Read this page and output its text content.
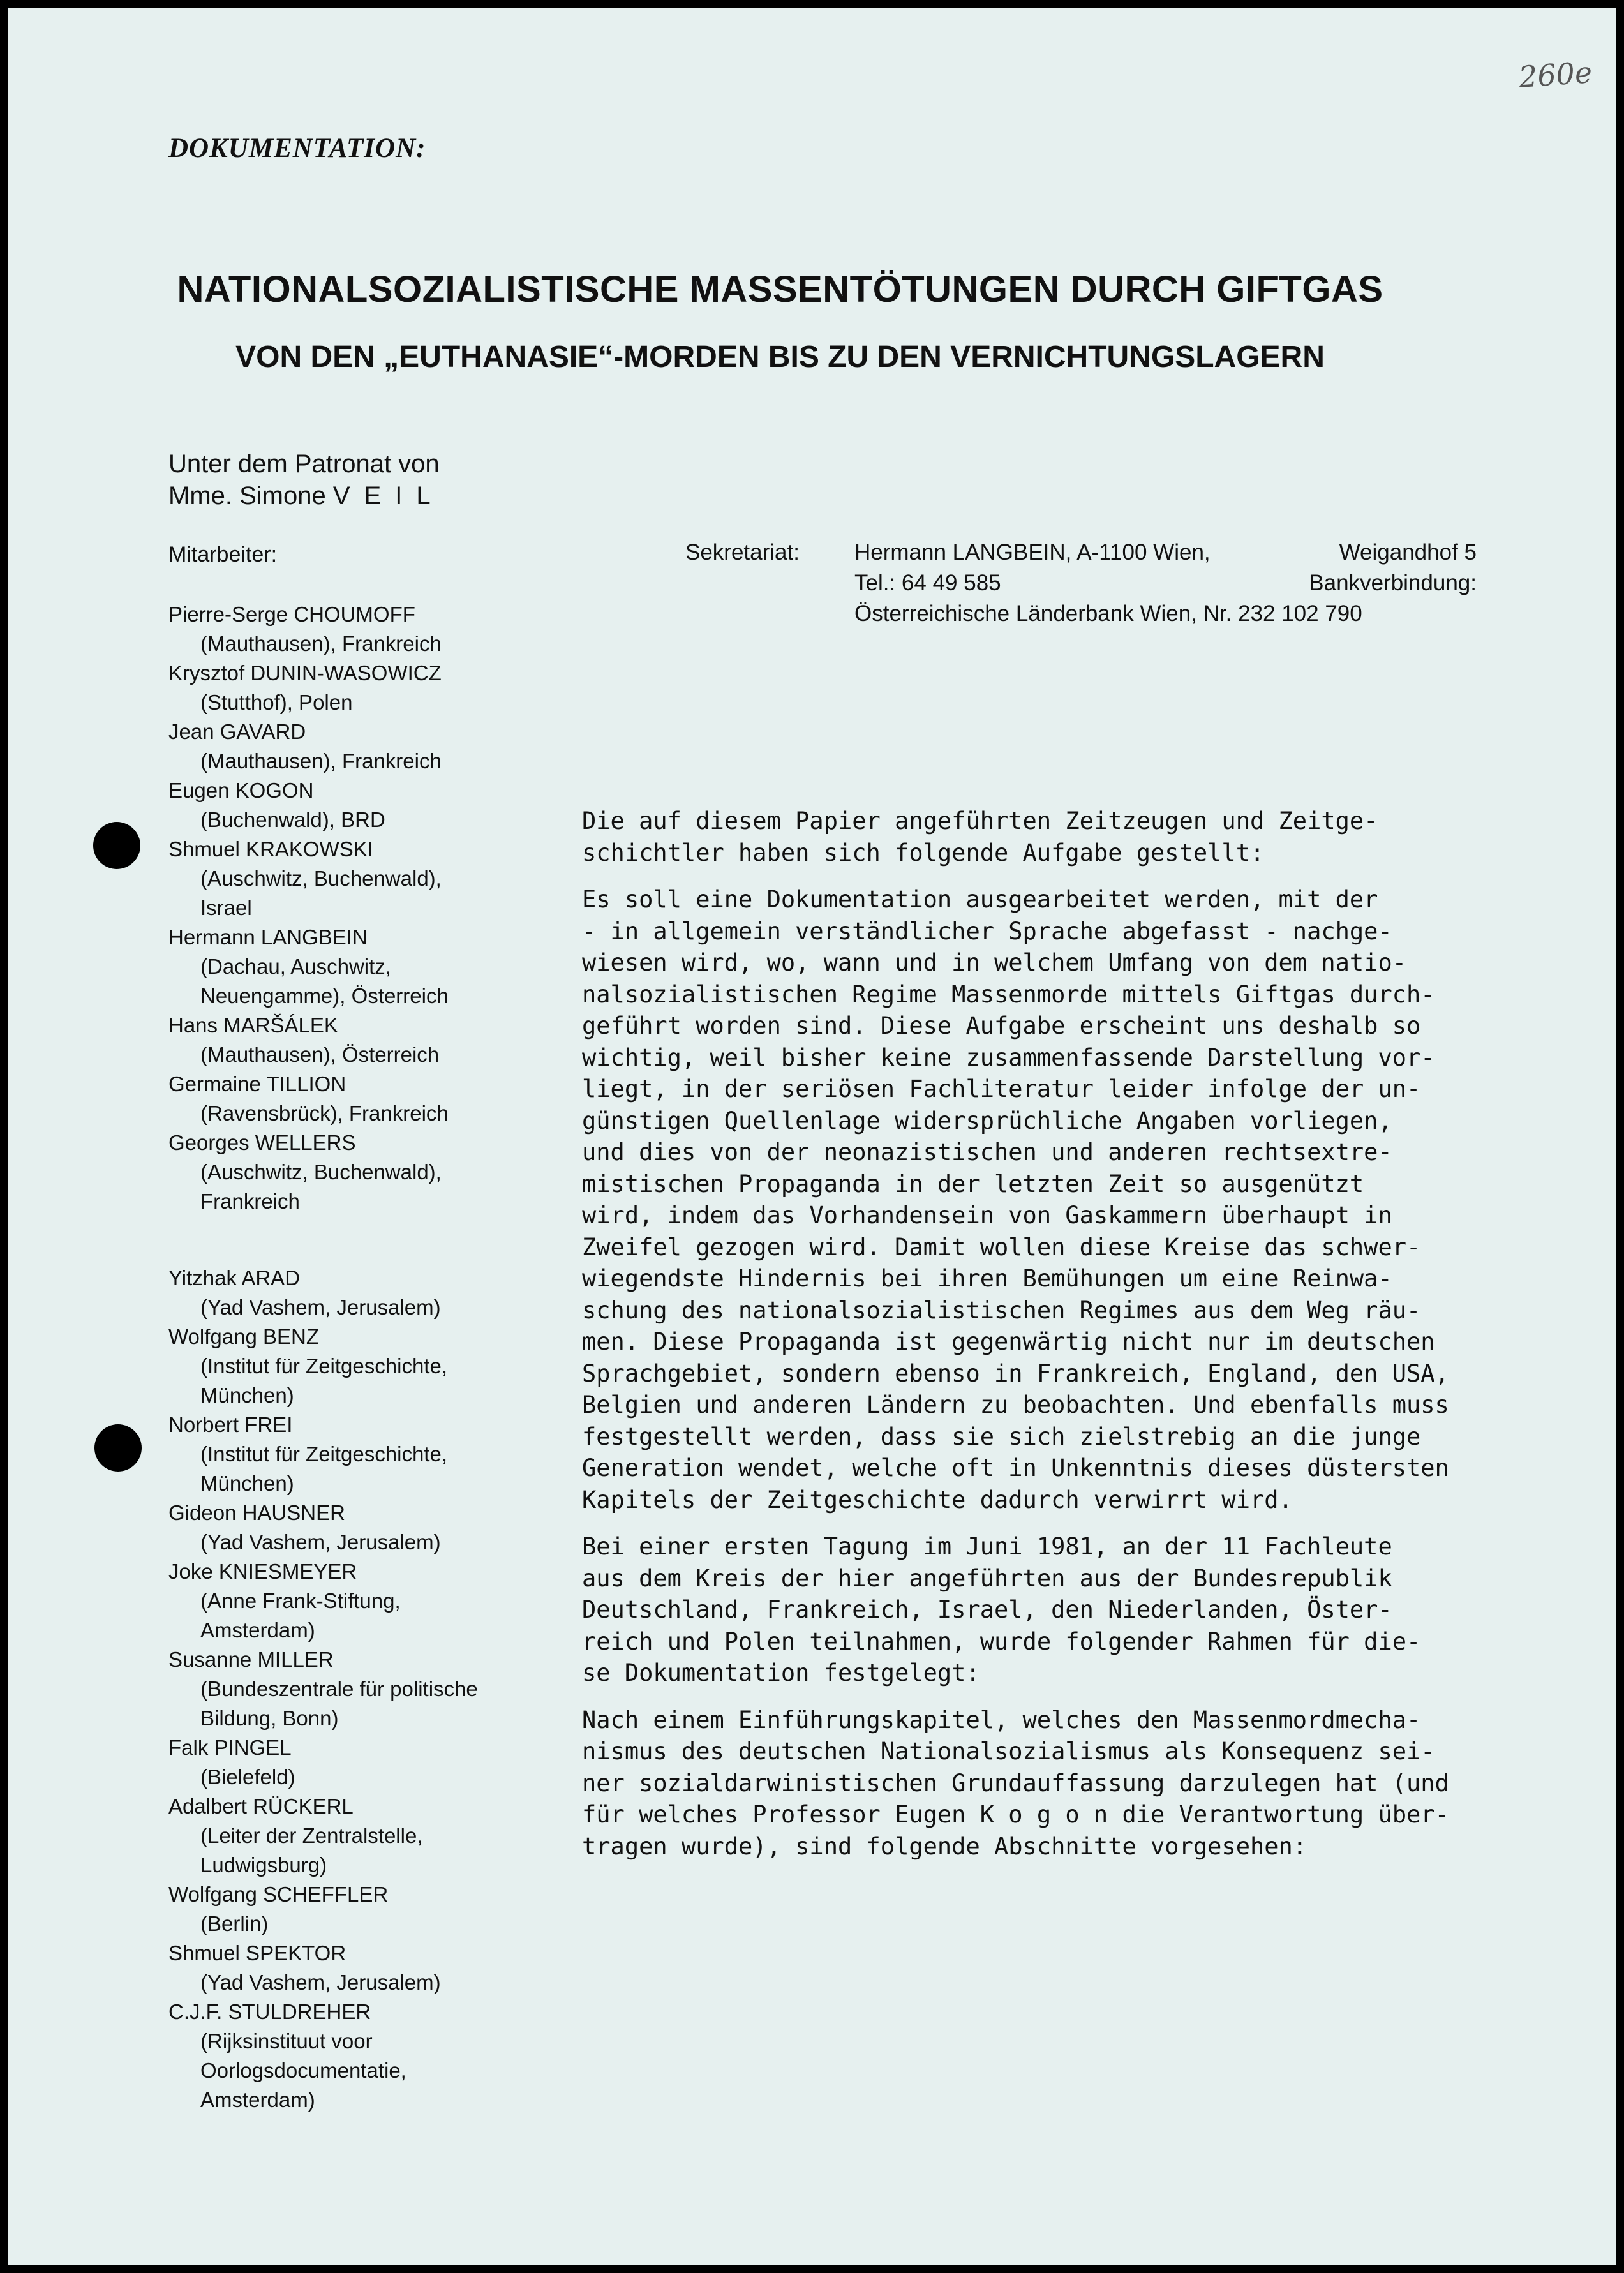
260e
DOKUMENTATION:
NATIONALSOZIALISTISCHE MASSENTÖTUNGEN DURCH GIFTGAS
VON DEN „EUTHANASIE“-MORDEN BIS ZU DEN VERNICHTUNGSLAGERN
Unter dem Patronat von
Mme. Simone VEIL
Mitarbeiter:	Sekretariat:	Hermann LANGBEIN, A-1100 Wien,	Weigandhof 5
Tel.: 64 49 585	Bankverbindung:
Österreichische Länderbank Wien, Nr. 232 102 790
Pierre-Serge CHOUMOFF
(Mauthausen), Frankreich
Krysztof DUNIN-WASOWICZ
(Stutthof), Polen
Jean GAVARD
(Mauthausen), Frankreich
Eugen KOGON
(Buchenwald), BRD
Shmuel KRAKOWSKI
(Auschwitz, Buchenwald),
Israel
Hermann LANGBEIN
(Dachau, Auschwitz,
Neuengamme), Österreich
Hans MARŠÁLEK
(Mauthausen), Österreich
Germaine TILLION
(Ravensbrück), Frankreich
Georges WELLERS
(Auschwitz, Buchenwald),
Frankreich
Yitzhak ARAD
(Yad Vashem, Jerusalem)
Wolfgang BENZ
(Institut für Zeitgeschichte,
München)
Norbert FREI
(Institut für Zeitgeschichte,
München)
Gideon HAUSNER
(Yad Vashem, Jerusalem)
Joke KNIESMEYER
(Anne Frank-Stiftung,
Amsterdam)
Susanne MILLER
(Bundeszentrale für politische
Bildung, Bonn)
Falk PINGEL
(Bielefeld)
Adalbert RÜCKERL
(Leiter der Zentralstelle,
Ludwigsburg)
Wolfgang SCHEFFLER
(Berlin)
Shmuel SPEKTOR
(Yad Vashem, Jerusalem)
C.J.F. STULDREHER
(Rijksinstituut voor
Oorlogsdocumentatie,
Amsterdam)

Die auf diesem Papier angeführten Zeitzeugen und Zeitge-
schichtler haben sich folgende Aufgabe gestellt:

Es soll eine Dokumentation ausgearbeitet werden, mit der
- in allgemein verständlicher Sprache abgefasst - nachge-
wiesen wird, wo, wann und in welchem Umfang von dem natio-
nalsozialistischen Regime Massenmorde mittels Giftgas durch-
geführt worden sind. Diese Aufgabe erscheint uns deshalb so
wichtig, weil bisher keine zusammenfassende Darstellung vor-
liegt, in der seriösen Fachliteratur leider infolge der un-
günstigen Quellenlage widersprüchliche Angaben vorliegen,
und dies von der neonazistischen und anderen rechtsextre-
mistischen Propaganda in der letzten Zeit so ausgenützt
wird, indem das Vorhandensein von Gaskammern überhaupt in
Zweifel gezogen wird. Damit wollen diese Kreise das schwer-
wiegendste Hindernis bei ihren Bemühungen um eine Reinwa-
schung des nationalsozialistischen Regimes aus dem Weg räu-
men. Diese Propaganda ist gegenwärtig nicht nur im deutschen
Sprachgebiet, sondern ebenso in Frankreich, England, den USA,
Belgien und anderen Ländern zu beobachten. Und ebenfalls muss
festgestellt werden, dass sie sich zielstrebig an die junge
Generation wendet, welche oft in Unkenntnis dieses düstersten
Kapitels der Zeitgeschichte dadurch verwirrt wird.

Bei einer ersten Tagung im Juni 1981, an der 11 Fachleute
aus dem Kreis der hier angeführten aus der Bundesrepublik
Deutschland, Frankreich, Israel, den Niederlanden, Öster-
reich und Polen teilnahmen, wurde folgender Rahmen für die-
se Dokumentation festgelegt:

Nach einem Einführungskapitel, welches den Massenmordmecha-
nismus des deutschen Nationalsozialismus als Konsequenz sei-
ner sozialdarwinistischen Grundauffassung darzulegen hat (und
für welches Professor Eugen K o g o n die Verantwortung über-
tragen wurde), sind folgende Abschnitte vorgesehen:
